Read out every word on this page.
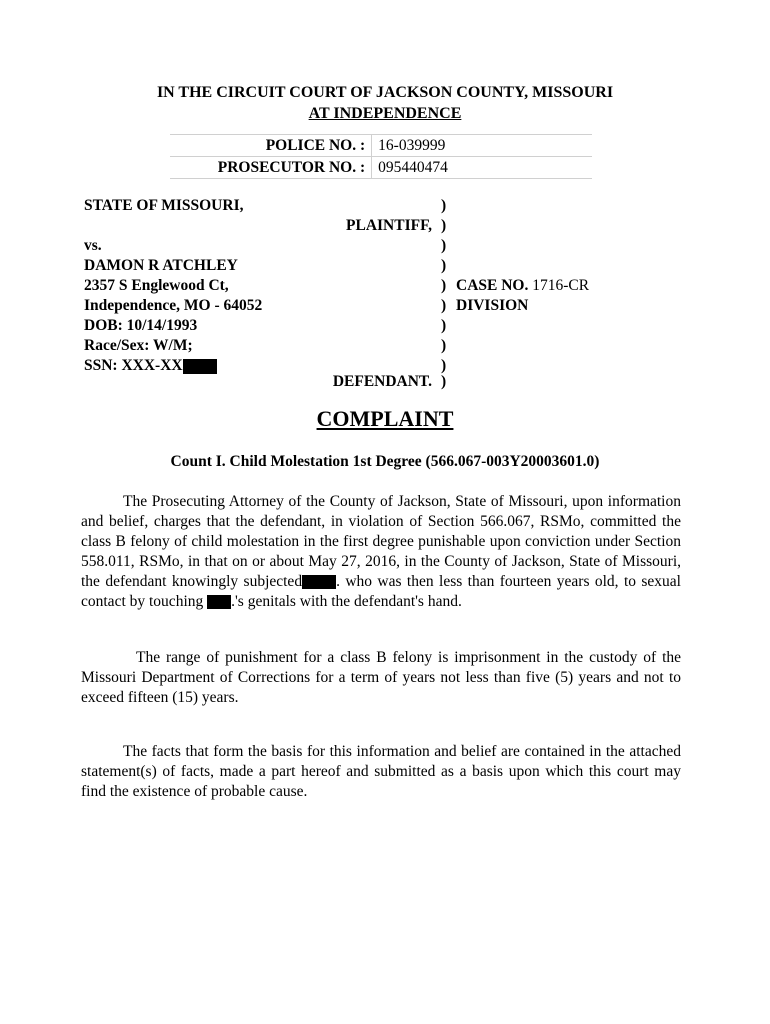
IN THE CIRCUIT COURT OF JACKSON COUNTY, MISSOURI
AT INDEPENDENCE
POLICE NO. :	16-039999
PROSECUTOR NO. :	095440474
STATE OF MISSOURI,
PLAINTIFF,
vs.
DAMON R ATCHLEY
2357 S Englewood Ct,
Independence, MO - 64052
DOB: 10/14/1993
Race/Sex: W/M;
SSN: XXX-XX
DEFENDANT.
)
)
)
)
)
)
)
)
)
)
CASE NO. 1716-CR
DIVISION
COMPLAINT
Count I. Child Molestation 1st Degree (566.067-003Y20003601.0)
The Prosecuting Attorney of the County of Jackson, State of Missouri, upon information and belief, charges that the defendant, in violation of Section 566.067, RSMo, committed the class B felony of child molestation in the first degree punishable upon conviction under Section 558.011, RSMo, in that on or about May 27, 2016, in the County of Jackson, State of Missouri, the defendant knowingly subjected . who was then less than fourteen years old, to sexual contact by touching .'s genitals with the defendant's hand.
The range of punishment for a class B felony is imprisonment in the custody of the Missouri Department of Corrections for a term of years not less than five (5) years and not to exceed fifteen (15) years.
The facts that form the basis for this information and belief are contained in the attached statement(s) of facts, made a part hereof and submitted as a basis upon which this court may find the existence of probable cause.
